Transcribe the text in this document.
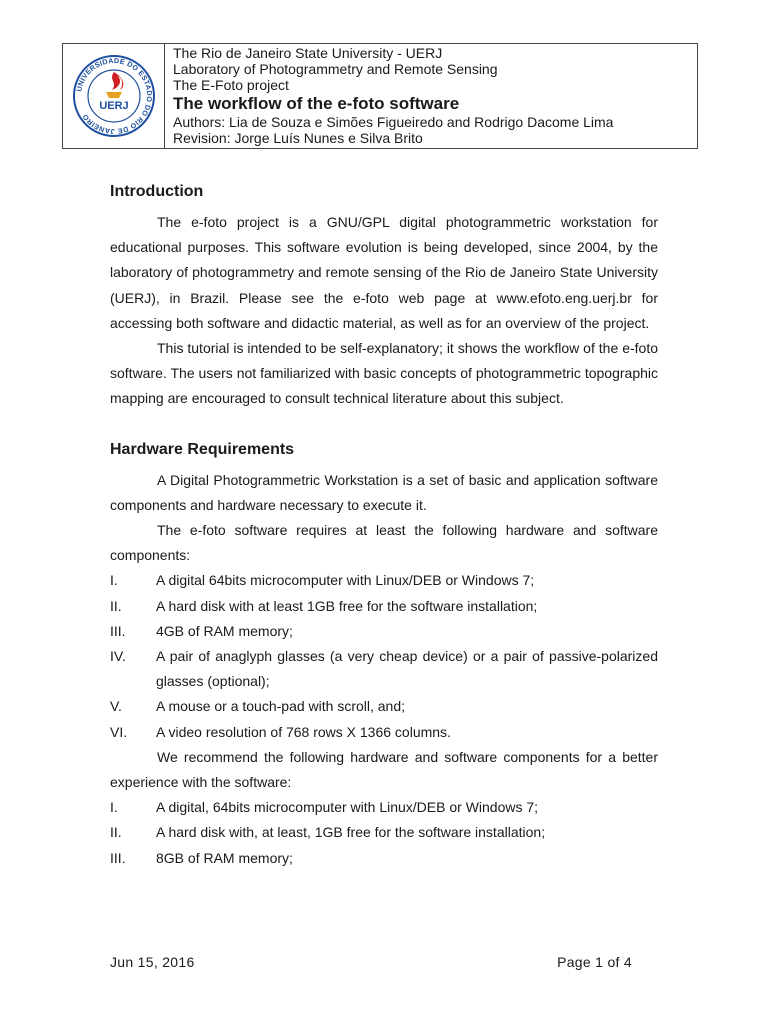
UNIVERSIDADE DO ESTADO DO RIO DE JANEIRO
UERJ
The Rio de Janeiro State University - UERJ
Laboratory of Photogrammetry and Remote Sensing
The E-Foto project
The workflow of the e-foto software
Authors: Lia de Souza e Simões Figueiredo and Rodrigo Dacome Lima
Revision: Jorge Luís Nunes e Silva Brito
Introduction

The e-foto project is a GNU/GPL digital photogrammetric workstation for educational purposes. This software evolution is being developed, since 2004, by the laboratory of photogrammetry and remote sensing of the Rio de Janeiro State University (UERJ), in Brazil. Please see the e-foto web page at www.efoto.eng.uerj.br for accessing both software and didactic material, as well as for an overview of the project.

This tutorial is intended to be self-explanatory; it shows the workflow of the e-foto software. The users not familiarized with basic concepts of photogrammetric topographic mapping are encouraged to consult technical literature about this subject.

Hardware Requirements

A Digital Photogrammetric Workstation is a set of basic and application software components and hardware necessary to execute it.

The e-foto software requires at least the following hardware and software components:

I.	A digital 64bits microcomputer with Linux/DEB or Windows 7;
II.	A hard disk with at least 1GB free for the software installation;
III.	4GB of RAM memory;
IV.	A pair of anaglyph glasses (a very cheap device) or a pair of passive-polarized glasses (optional);
V.	A mouse or a touch-pad with scroll, and;
VI.	A video resolution of 768 rows X 1366 columns.

We recommend the following hardware and software components for a better experience with the software:

I.	A digital, 64bits microcomputer with Linux/DEB or Windows 7;
II.	A hard disk with, at least, 1GB free for the software installation;
III.	8GB of RAM memory;
Jun 15, 2016	Page 1 of 4
